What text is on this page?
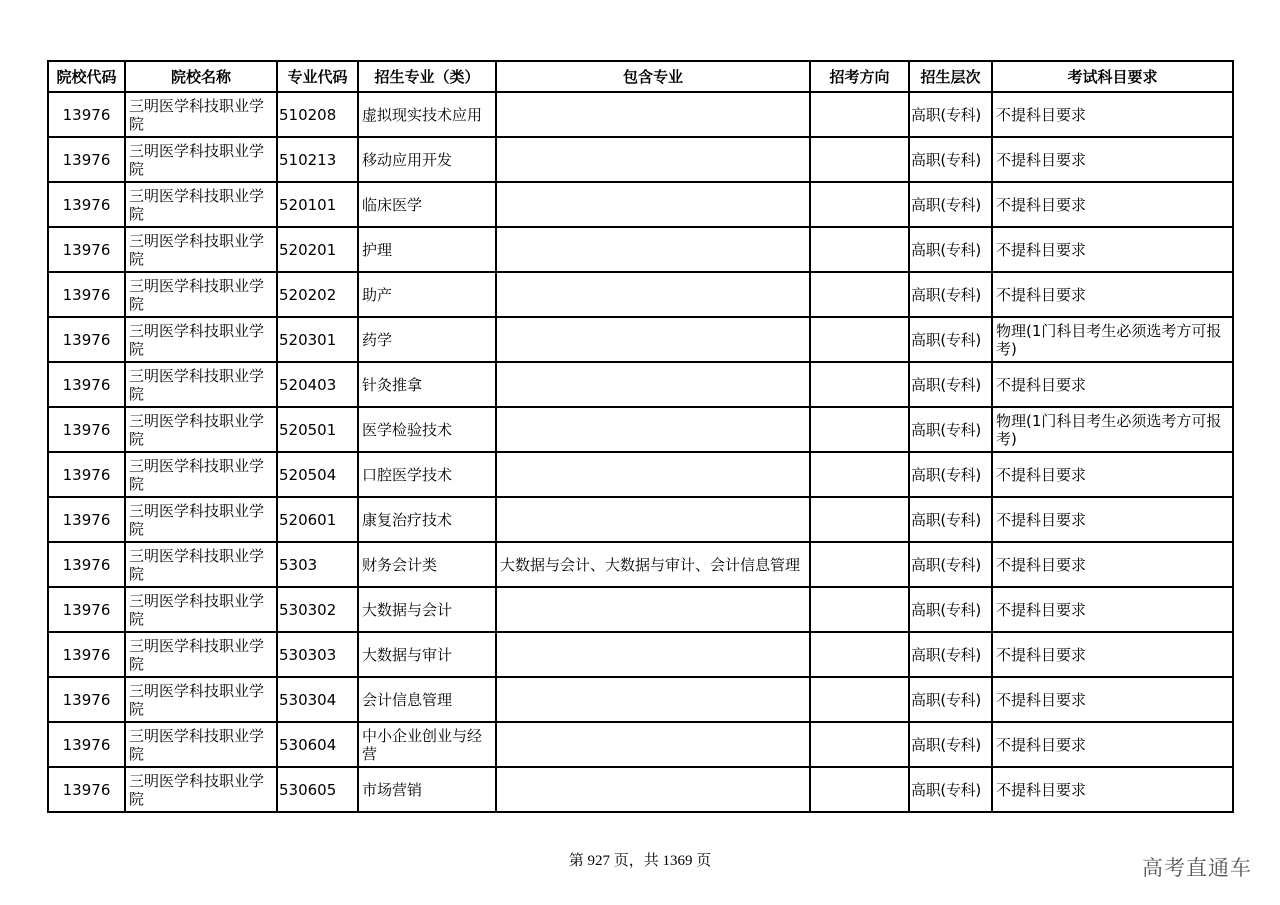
院校代码	院校名称	专业代码	招生专业（类）	包含专业	招考方向	招生层次	考试科目要求
13976	三明医学科技职业学院	510208	虚拟现实技术应用			高职(专科)	不提科目要求
13976	三明医学科技职业学院	510213	移动应用开发			高职(专科)	不提科目要求
13976	三明医学科技职业学院	520101	临床医学			高职(专科)	不提科目要求
13976	三明医学科技职业学院	520201	护理			高职(专科)	不提科目要求
13976	三明医学科技职业学院	520202	助产			高职(专科)	不提科目要求
13976	三明医学科技职业学院	520301	药学			高职(专科)	物理(1门科目考生必须选考方可报考)
13976	三明医学科技职业学院	520403	针灸推拿			高职(专科)	不提科目要求
13976	三明医学科技职业学院	520501	医学检验技术			高职(专科)	物理(1门科目考生必须选考方可报考)
13976	三明医学科技职业学院	520504	口腔医学技术			高职(专科)	不提科目要求
13976	三明医学科技职业学院	520601	康复治疗技术			高职(专科)	不提科目要求
13976	三明医学科技职业学院	5303	财务会计类	大数据与会计、大数据与审计、会计信息管理		高职(专科)	不提科目要求
13976	三明医学科技职业学院	530302	大数据与会计			高职(专科)	不提科目要求
13976	三明医学科技职业学院	530303	大数据与审计			高职(专科)	不提科目要求
13976	三明医学科技职业学院	530304	会计信息管理			高职(专科)	不提科目要求
13976	三明医学科技职业学院	530604	中小企业创业与经营			高职(专科)	不提科目要求
13976	三明医学科技职业学院	530605	市场营销			高职(专科)	不提科目要求
第 927 页，共 1369 页	高考直通车
